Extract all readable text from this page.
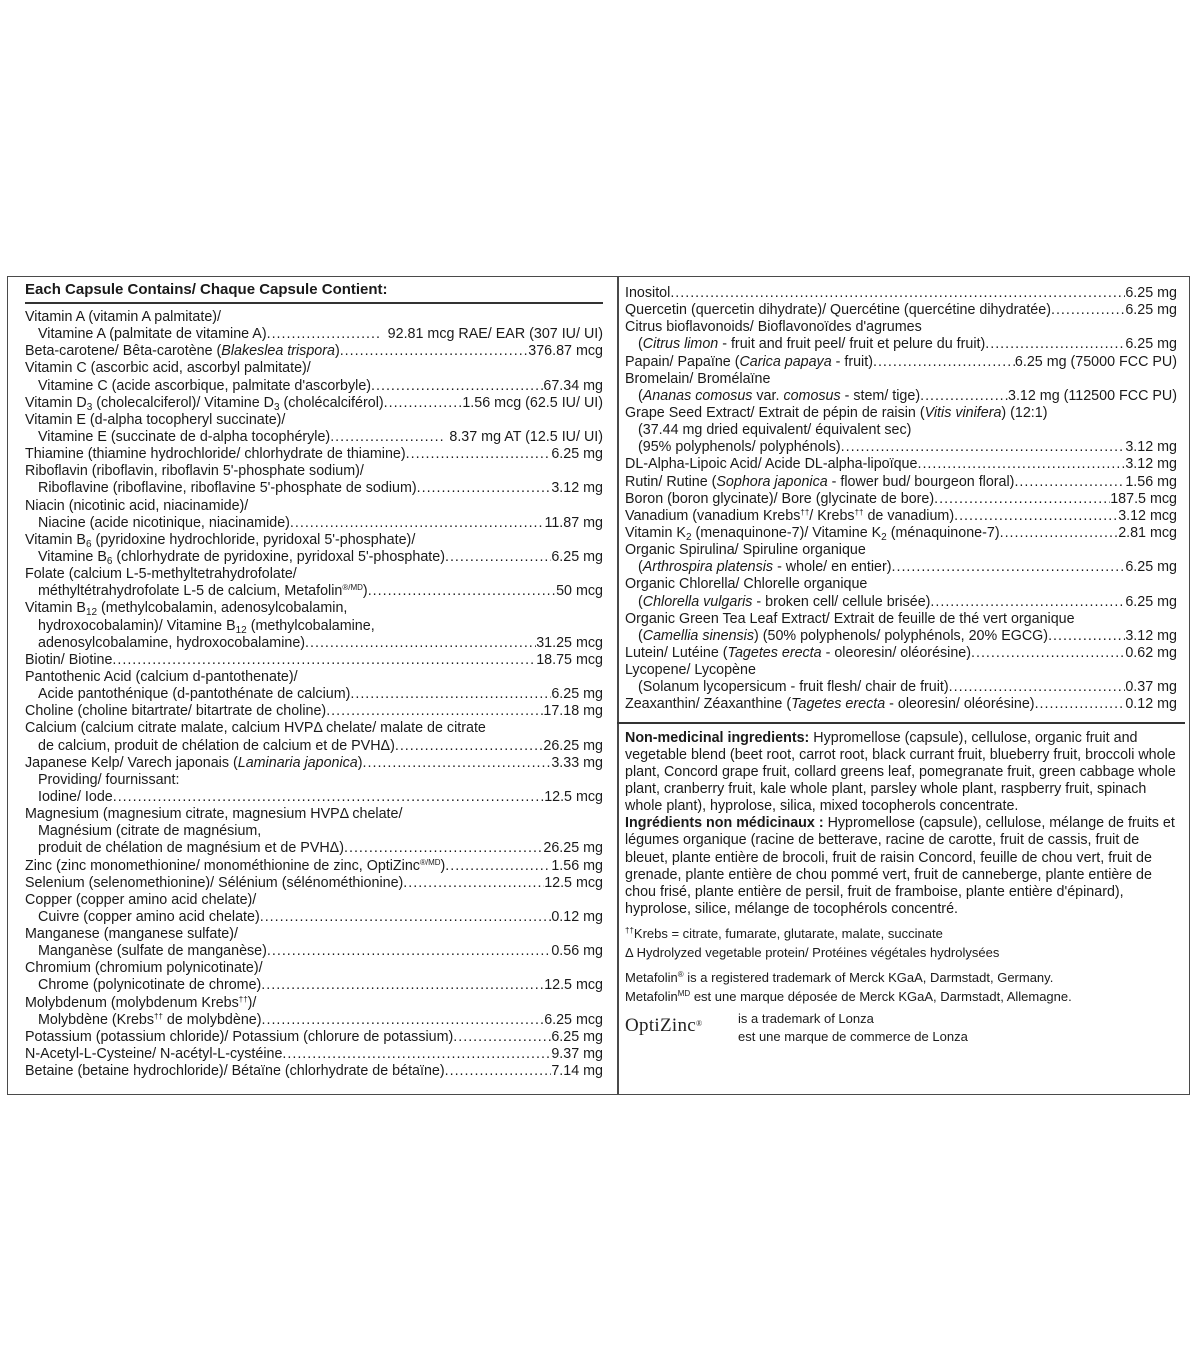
Each Capsule Contains/ Chaque Capsule Contient:
Vitamin A (vitamin A palmitate)/
Vitamine A (palmitate de vitamine A) .....	92.81 mcg RAE/ EAR (307 IU/ UI)
Beta-carotene/ Bêta-carotène (Blakeslea trispora) .....	376.87 mcg
Vitamin C (ascorbic acid, ascorbyl palmitate)/
Vitamine C (acide ascorbique, palmitate d'ascorbyle) .....	67.34 mg
Vitamin $D_3$ (cholecalciferol)/ Vitamine $D_3$ (cholécalciférol) .....	1.56 mcg (62.5 IU/ UI)
Vitamin E (d-alpha tocopheryl succinate)/
Vitamine E (succinate de d-alpha tocophéryle) .....	8.37 mg AT (12.5 IU/ UI)
Thiamine (thiamine hydrochloride/ chlorhydrate de thiamine) .....	6.25 mg
Riboflavin (riboflavin, riboflavin 5'-phosphate sodium)/
Riboflavine (riboflavine, riboflavine 5'-phosphate de sodium) .....	3.12 mg
Niacin (nicotinic acid, niacinamide)/
Niacine (acide nicotinique, niacinamide) .....	11.87 mg
Vitamin $B_6$ (pyridoxine hydrochloride, pyridoxal 5'-phosphate)/
Vitamine $B_6$ (chlorhydrate de pyridoxine, pyridoxal 5'-phosphate) .....	6.25 mg
Folate (calcium L-5-methyltetrahydrofolate/
méthyltétrahydrofolate L-5 de calcium, Metafolin$^{®/MD}$) .....	50 mcg
Vitamin $B_{12}$ (methylcobalamin, adenosylcobalamin,
hydroxocobalamin)/ Vitamine $B_{12}$ (methylcobalamine,
adenosylcobalamine, hydroxocobalamine) .....	31.25 mcg
Biotin/ Biotine .....	18.75 mcg
Pantothenic Acid (calcium d-pantothenate)/
Acide pantothénique (d-pantothénate de calcium) .....	6.25 mg
Choline (choline bitartrate/ bitartrate de choline) .....	17.18 mg
Calcium (calcium citrate malate, calcium HVPΔ chelate/ malate de citrate
de calcium, produit de chélation de calcium et de PVHΔ) .....	26.25 mg
Japanese Kelp/ Varech japonais (Laminaria japonica) .....	3.33 mg
Providing/ fournissant:
Iodine/ Iode .....	12.5 mcg
Magnesium (magnesium citrate, magnesium HVPΔ chelate/
Magnésium (citrate de magnésium,
produit de chélation de magnésium et de PVHΔ) .....	26.25 mg
Zinc (zinc monomethionine/ monométhionine de zinc, OptiZinc$^{®/MD}$) .....	1.56 mg
Selenium (selenomethionine)/ Sélénium (sélénométhionine) .....	12.5 mcg
Copper (copper amino acid chelate)/
Cuivre (copper amino acid chelate) .....	0.12 mg
Manganese (manganese sulfate)/
Manganèse (sulfate de manganèse) .....	0.56 mg
Chromium (chromium polynicotinate)/
Chrome (polynicotinate de chrome) .....	12.5 mcg
Molybdenum (molybdenum Krebs††)/
Molybdène (Krebs†† de molybdène) .....	6.25 mcg
Potassium (potassium chloride)/ Potassium (chlorure de potassium) .....	6.25 mg
N-Acetyl-L-Cysteine/ N-acétyl-L-cystéine .....	9.37 mg
Betaine (betaine hydrochloride)/ Bétaïne (chlorhydrate de bétaïne) .....	7.14 mg
Inositol .....	6.25 mg
Quercetin (quercetin dihydrate)/ Quercétine (quercétine dihydratée) .....	6.25 mg
Citrus bioflavonoids/ Bioflavonoïdes d'agrumes
(Citrus limon - fruit and fruit peel/ fruit et pelure du fruit) .....	6.25 mg
Papain/ Papaïne (Carica papaya - fruit) .....	6.25 mg (75000 FCC PU)
Bromelain/ Bromélaïne
(Ananas comosus var. comosus - stem/ tige) .....	3.12 mg (112500 FCC PU)
Grape Seed Extract/ Extrait de pépin de raisin (Vitis vinifera) (12:1)
(37.44 mg dried equivalent/ équivalent sec)
(95% polyphenols/ polyphénols) .....	3.12 mg
DL-Alpha-Lipoic Acid/ Acide DL-alpha-lipoïque .....	3.12 mg
Rutin/ Rutine (Sophora japonica - flower bud/ bourgeon floral) .....	1.56 mg
Boron (boron glycinate)/ Bore (glycinate de bore) .....	187.5 mcg
Vanadium (vanadium Krebs††/ Krebs†† de vanadium) .....	3.12 mcg
Vitamin $K_2$ (menaquinone-7)/ Vitamine $K_2$ (ménaquinone-7) .....	2.81 mcg
Organic Spirulina/ Spiruline organique
(Arthrospira platensis - whole/ en entier) .....	6.25 mg
Organic Chlorella/ Chlorelle organique
(Chlorella vulgaris - broken cell/ cellule brisée) .....	6.25 mg
Organic Green Tea Leaf Extract/ Extrait de feuille de thé vert organique
(Camellia sinensis) (50% polyphenols/ polyphénols, 20% EGCG) .....	3.12 mg
Lutein/ Lutéine (Tagetes erecta - oleoresin/ oléorésine) .....	0.62 mg
Lycopene/ Lycopène
(Solanum lycopersicum - fruit flesh/ chair de fruit) .....	0.37 mg
Zeaxanthin/ Zéaxanthine (Tagetes erecta - oleoresin/ oléorésine) .....	0.12 mg
Non-medicinal ingredients: Hypromellose (capsule), cellulose, organic fruit and vegetable blend (beet root, carrot root, black currant fruit, blueberry fruit, broccoli whole plant, Concord grape fruit, collard greens leaf, pomegranate fruit, green cabbage whole plant, cranberry fruit, kale whole plant, parsley whole plant, raspberry fruit, spinach whole plant), hyprolose, silica, mixed tocopherols concentrate.
Ingrédients non médicinaux : Hypromellose (capsule), cellulose, mélange de fruits et légumes organique (racine de betterave, racine de carotte, fruit de cassis, fruit de bleuet, plante entière de brocoli, fruit de raisin Concord, feuille de chou vert, fruit de grenade, plante entière de chou pommé vert, fruit de canneberge, plante entière de chou frisé, plante entière de persil, fruit de framboise, plante entière d'épinard), hyprolose, silice, mélange de tocophérols concentré.
††Krebs = citrate, fumarate, glutarate, malate, succinate
Δ Hydrolyzed vegetable protein/ Protéines végétales hydrolysées
Metafolin® is a registered trademark of Merck KGaA, Darmstadt, Germany.
Metafolin$^{MD}$ est une marque déposée de Merck KGaA, Darmstadt, Allemagne.
OptiZinc®	is a trademark of Lonza
est une marque de commerce de Lonza
